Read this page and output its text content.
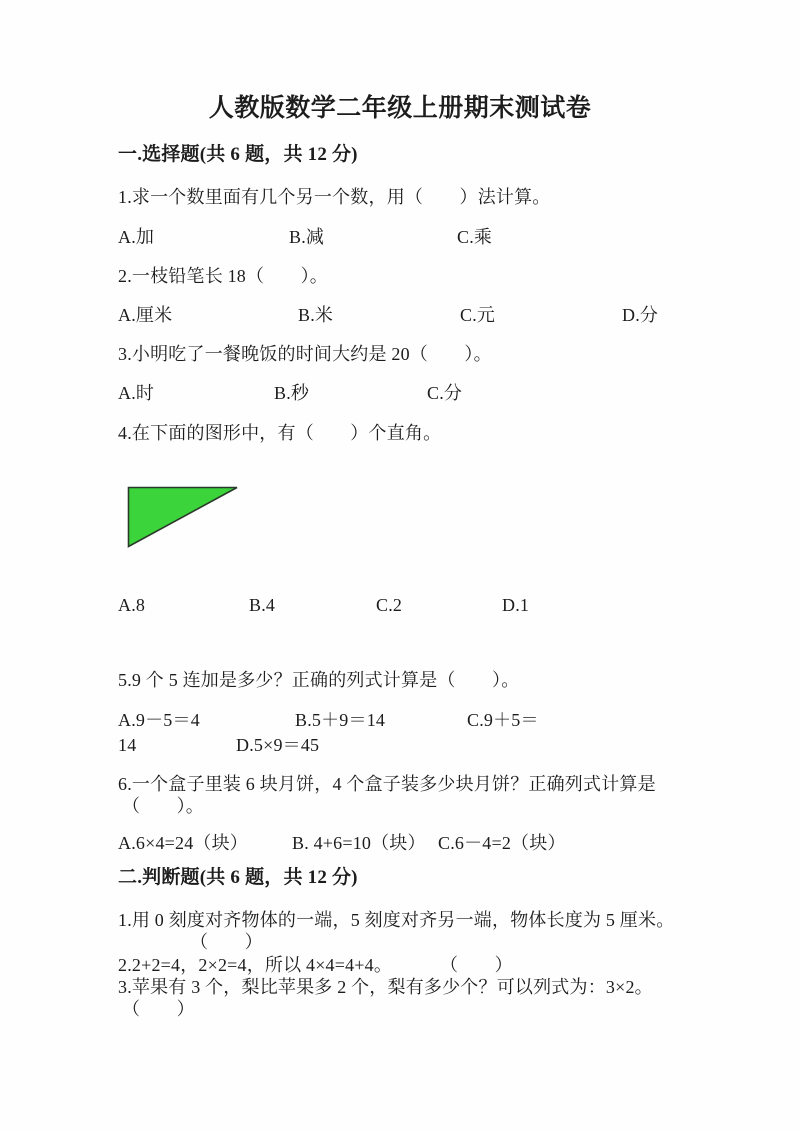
人教版数学二年级上册期末测试卷
一.选择题(共 6 题，共 12 分)
1.求一个数里面有几个另一个数，用（　　）法计算。

A.加

	B.减

	C.乘

2.一枝铅笔长 18（　　）。

A.厘米

	B.米

	C.元

	D.分

3.小明吃了一餐晚饭的时间大约是 20（　　）。

A.时

	B.秒

	C.分

4.在下面的图形中，有（　　）个直角。

A.8

	B.4

	C.2

	D.1

5.9 个 5 连加是多少？正确的列式计算是（　　）。

A.9－5＝4

	B.5＋9＝14

	C.9＋5＝

14

	D.5×9＝45

6.一个盒子里装 6 块月饼，4 个盒子装多少块月饼？正确列式计算是
（　　）。

A.6×4=24（块）

B. 4+6=10（块）

C.6－4=2（块）

二.判断题(共 6 题，共 12 分)
1.用 0 刻度对齐物体的一端，5 刻度对齐另一端，物体长度为 5 厘米。
（　　）

2.2+2=4，2×2=4，所以 4×4=4+4。

	（　　）

3.苹果有 3 个，梨比苹果多 2 个，梨有多少个？可以列式为：3×2。
（　　）
